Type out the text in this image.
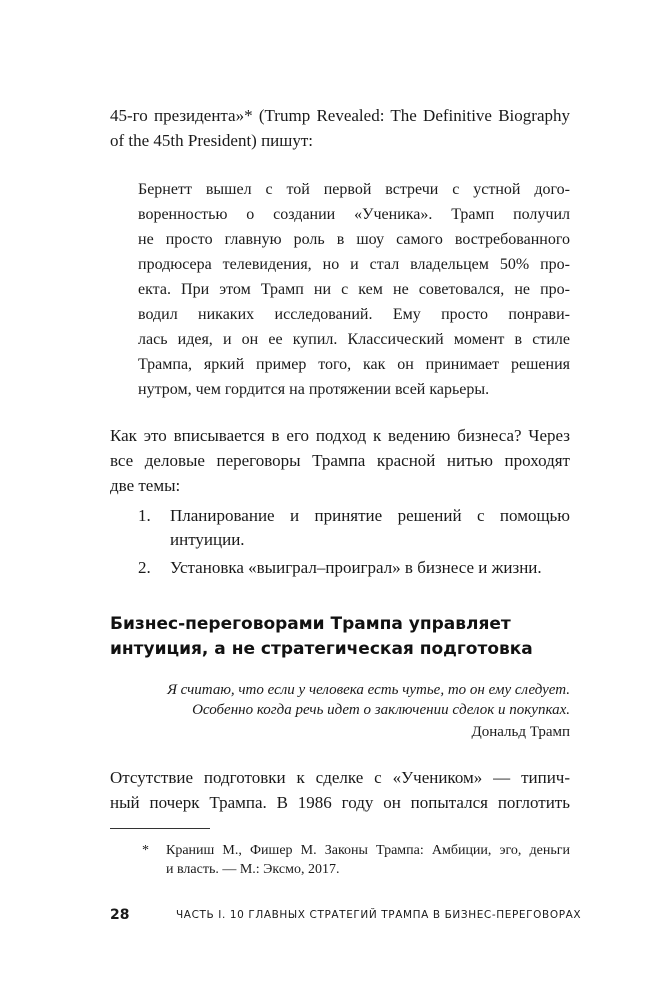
45-го президента»* (Trump Revealed: The Definitive Biography
of the 45th President) пишут:
Бернетт вышел с той первой встречи с устной дого-
воренностью о создании «Ученика». Трамп получил
не просто главную роль в шоу самого востребованного
продюсера телевидения, но и стал владельцем 50% про-
екта. При этом Трамп ни с кем не советовался, не про-
водил никаких исследований. Ему просто понрави-
лась идея, и он ее купил. Классический момент в стиле
Трампа, яркий пример того, как он принимает решения
нутром, чем гордится на протяжении всей карьеры.
Как это вписывается в его подход к ведению бизнеса? Через
все деловые переговоры Трампа красной нитью проходят
две темы:
1. Планирование и принятие решений с помощью
интуиции.
2. Установка «выиграл–проиграл» в бизнесе и жизни.
Бизнес-переговорами Трампа управляет
интуиция, а не стратегическая подготовка
Я считаю, что если у человека есть чутье, то он ему следует.
Особенно когда речь идет о заключении сделок и покупках.
Дональд Трамп
Отсутствие подготовки к сделке с «Учеником» — типич-
ный почерк Трампа. В 1986 году он попытался поглотить
* Краниш М., Фишер М. Законы Трампа: Амбиции, эго, деньги
и власть. — М.: Эксмо, 2017.
28	ЧАСТЬ I. 10 ГЛАВНЫХ СТРАТЕГИЙ ТРАМПА В БИЗНЕС-ПЕРЕГОВОРАХ
